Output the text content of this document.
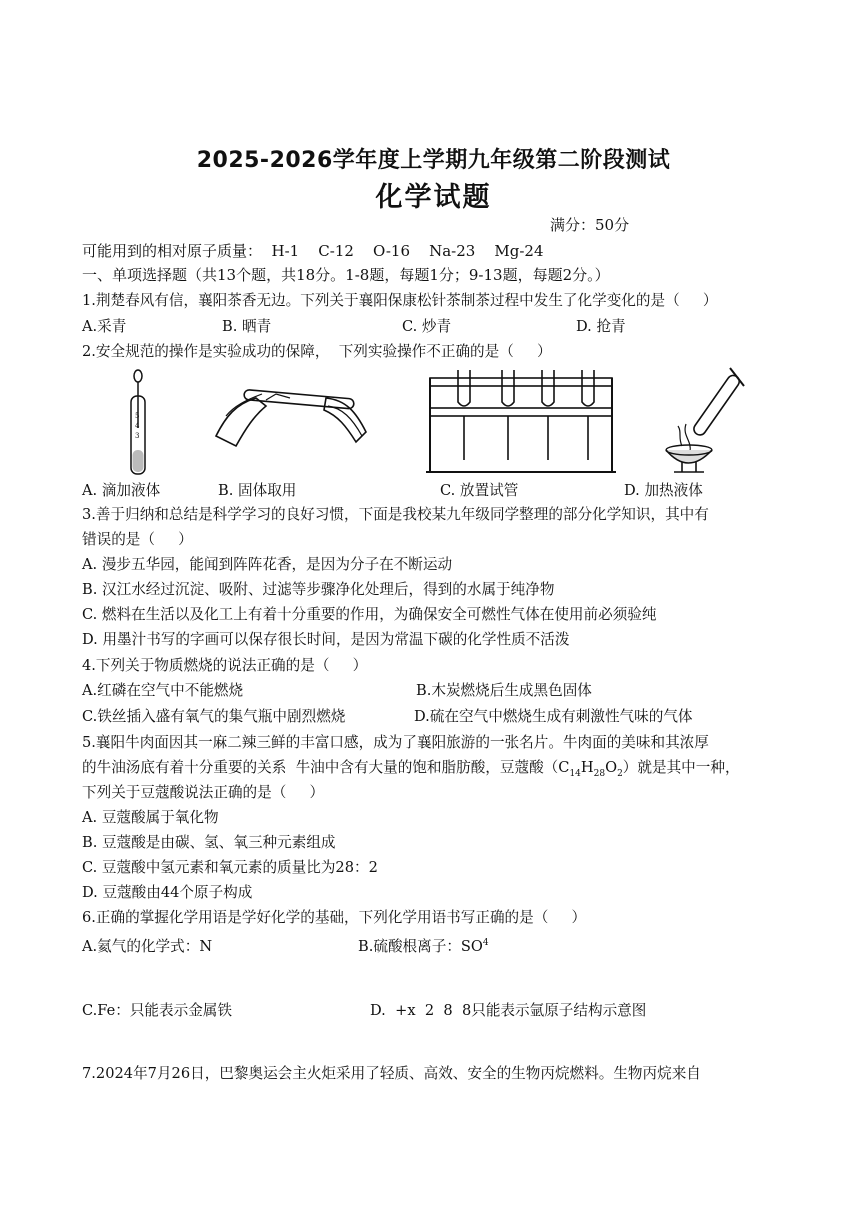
2025-2026学年度上学期九年级第二阶段测试
化学试题
满分：50分
可能用到的相对原子质量：  H-1    C-12    O-16    Na-23    Mg-24
一、单项选择题（共13个题，共18分。1-8题，每题1分；9-13题，每题2分。）
1.荆楚春风有信，襄阳茶香无边。下列关于襄阳保康松针茶制茶过程中发生了化学变化的是（     ）
A.采青	B. 晒青	C. 炒青	D. 抢青
2.安全规范的操作是实验成功的保障，  下列实验操作不正确的是（     ）
5
4
3
A. 滴加液体	B. 固体取用	C. 放置试管	D. 加热液体
3.善于归纳和总结是科学学习的良好习惯，下面是我校某九年级同学整理的部分化学知识，其中有
错误的是（     ）
A. 漫步五华园，能闻到阵阵花香，是因为分子在不断运动
B. 汉江水经过沉淀、吸附、过滤等步骤净化处理后，得到的水属于纯净物
C. 燃料在生活以及化工上有着十分重要的作用，为确保安全可燃性气体在使用前必须验纯
D. 用墨汁书写的字画可以保存很长时间，是因为常温下碳的化学性质不活泼
4.下列关于物质燃烧的说法正确的是（     ）
A.红磷在空气中不能燃烧	B.木炭燃烧后生成黑色固体
C.铁丝插入盛有氧气的集气瓶中剧烈燃烧	D.硫在空气中燃烧生成有刺激性气味的气体
5.襄阳牛肉面因其一麻二辣三鲜的丰富口感，成为了襄阳旅游的一张名片。牛肉面的美味和其浓厚
的牛油汤底有着十分重要的关系  牛油中含有大量的饱和脂肪酸，豆蔻酸$(C_{14}H_{28}O_2)$就是其中一种，
下列关于豆蔻酸说法正确的是（     ）
A. 豆蔻酸属于氧化物
B. 豆蔻酸是由碳、氢、氧三种元素组成
C. 豆蔻酸中氢元素和氧元素的质量比为28：2
D. 豆蔻酸由44个原子构成
6.正确的掌握化学用语是学好化学的基础，下列化学用语书写正确的是（     ）
A.氦气的化学式：N	B.硫酸根离子：$SO^4$
C.Fe：只能表示金属铁	D.  +x  2  8  8只能表示氩原子结构示意图
7.2024年7月26日，巴黎奥运会主火炬采用了轻质、高效、安全的生物丙烷燃料。生物丙烷来自
